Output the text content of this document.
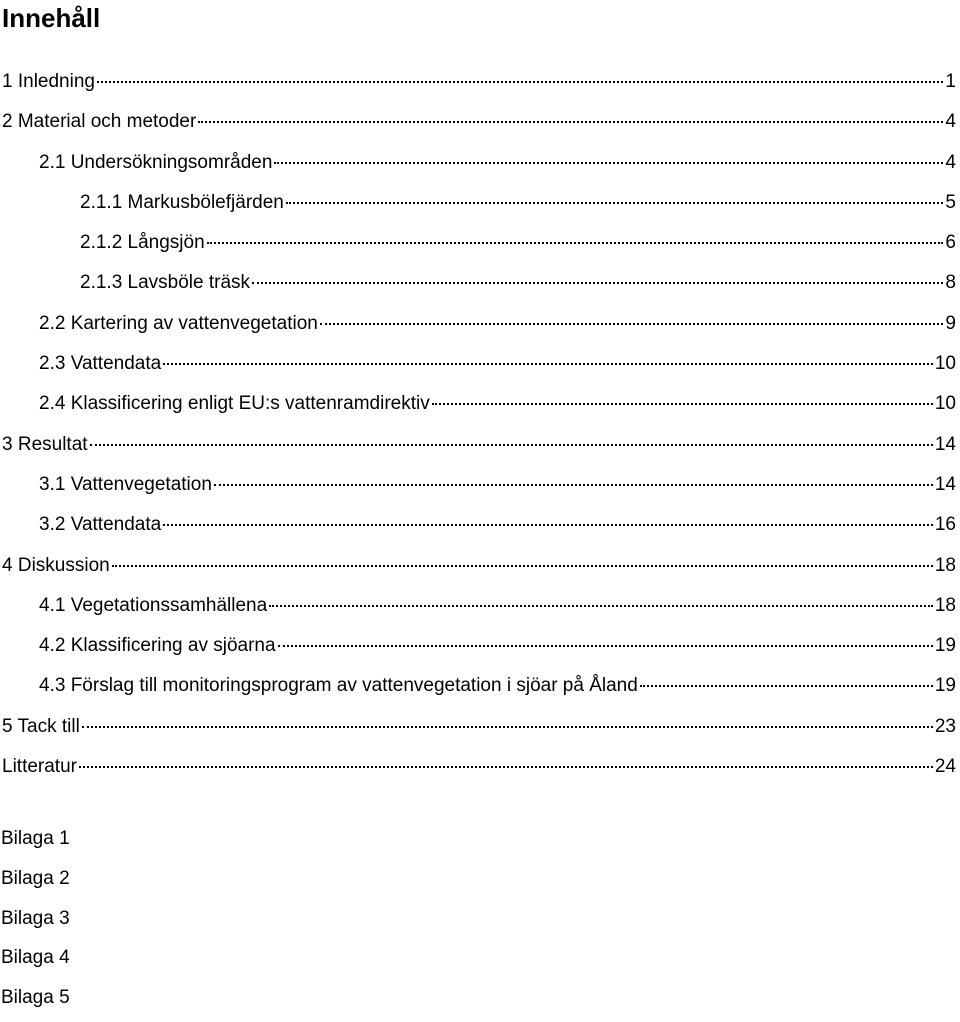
Innehåll
1 Inledning	1
2 Material och metoder	4
2.1 Undersökningsområden	4
2.1.1 Markusbölefjärden	5
2.1.2 Långsjön	6
2.1.3 Lavsböle träsk	8
2.2 Kartering av vattenvegetation	9
2.3 Vattendata	10
2.4 Klassificering enligt EU:s vattenramdirektiv	10
3 Resultat	14
3.1 Vattenvegetation	14
3.2 Vattendata	16
4 Diskussion	18
4.1 Vegetationssamhällena	18
4.2 Klassificering av sjöarna	19
4.3 Förslag till monitoringsprogram av vattenvegetation i sjöar på Åland	19
5 Tack till	23
Litteratur	24
Bilaga 1
Bilaga 2
Bilaga 3
Bilaga 4
Bilaga 5
